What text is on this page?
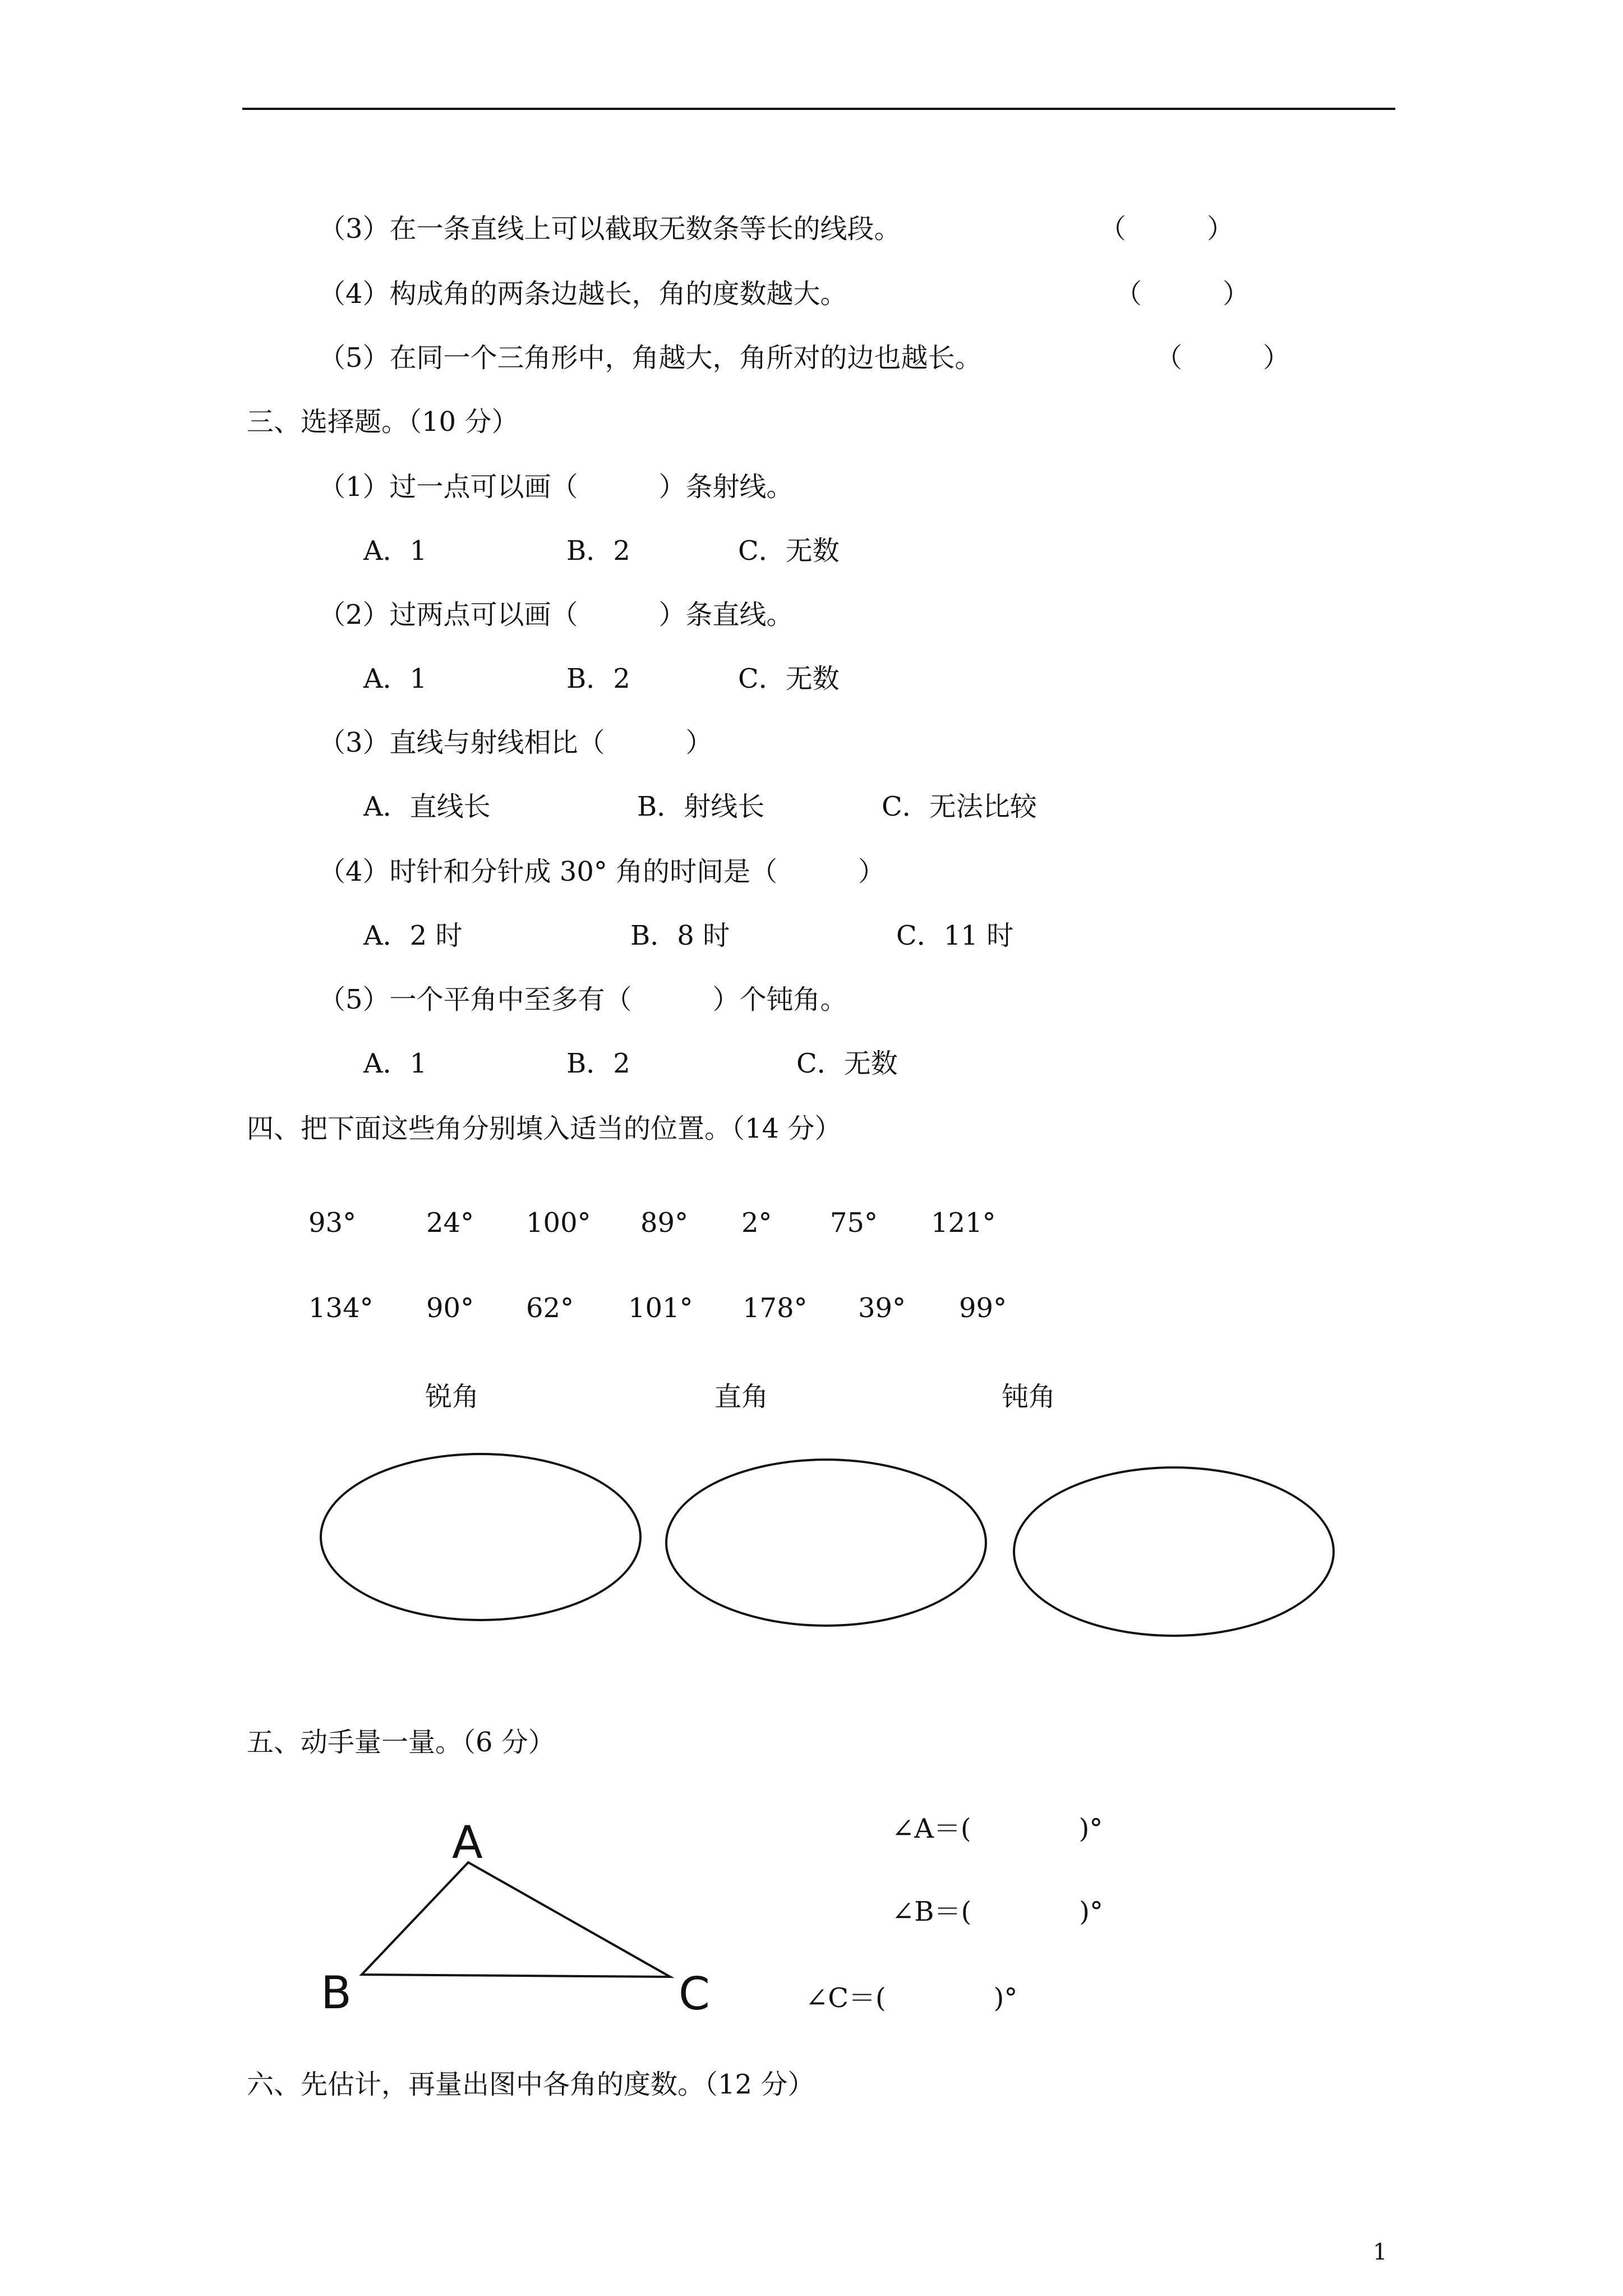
（3）在一条直线上可以截取无数条等长的线段。	（　　　）
（4）构成角的两条边越长，角的度数越大。	（　　　）
（5）在同一个三角形中，角越大，角所对的边也越长。	（　　　）
三、选择题。（10 分）
（1）过一点可以画（　　　）条射线。
A．1	B．2	C．无数
（2）过两点可以画（　　　）条直线。
A．1	B．2	C．无数
（3）直线与射线相比（　　　）
A．直线长	B．射线长	C．无法比较
（4）时针和分针成 30° 角的时间是（　　　）
A．2 时	B．8 时	C．11 时
（5）一个平角中至多有（　　　）个钝角。
A．1	B．2	C．无数
四、把下面这些角分别填入适当的位置。（14 分）
93°	24° 100° 89° 2° 75° 121°
134° 90° 62° 101° 178° 39° 99°
锐角	直角	钝角
五、动手量一量。（6 分）
A
B	C
∠A＝(　　　　)°
∠B＝(　　　　)°
∠C＝(　　　　)°
六、先估计，再量出图中各角的度数。（12 分）
1
